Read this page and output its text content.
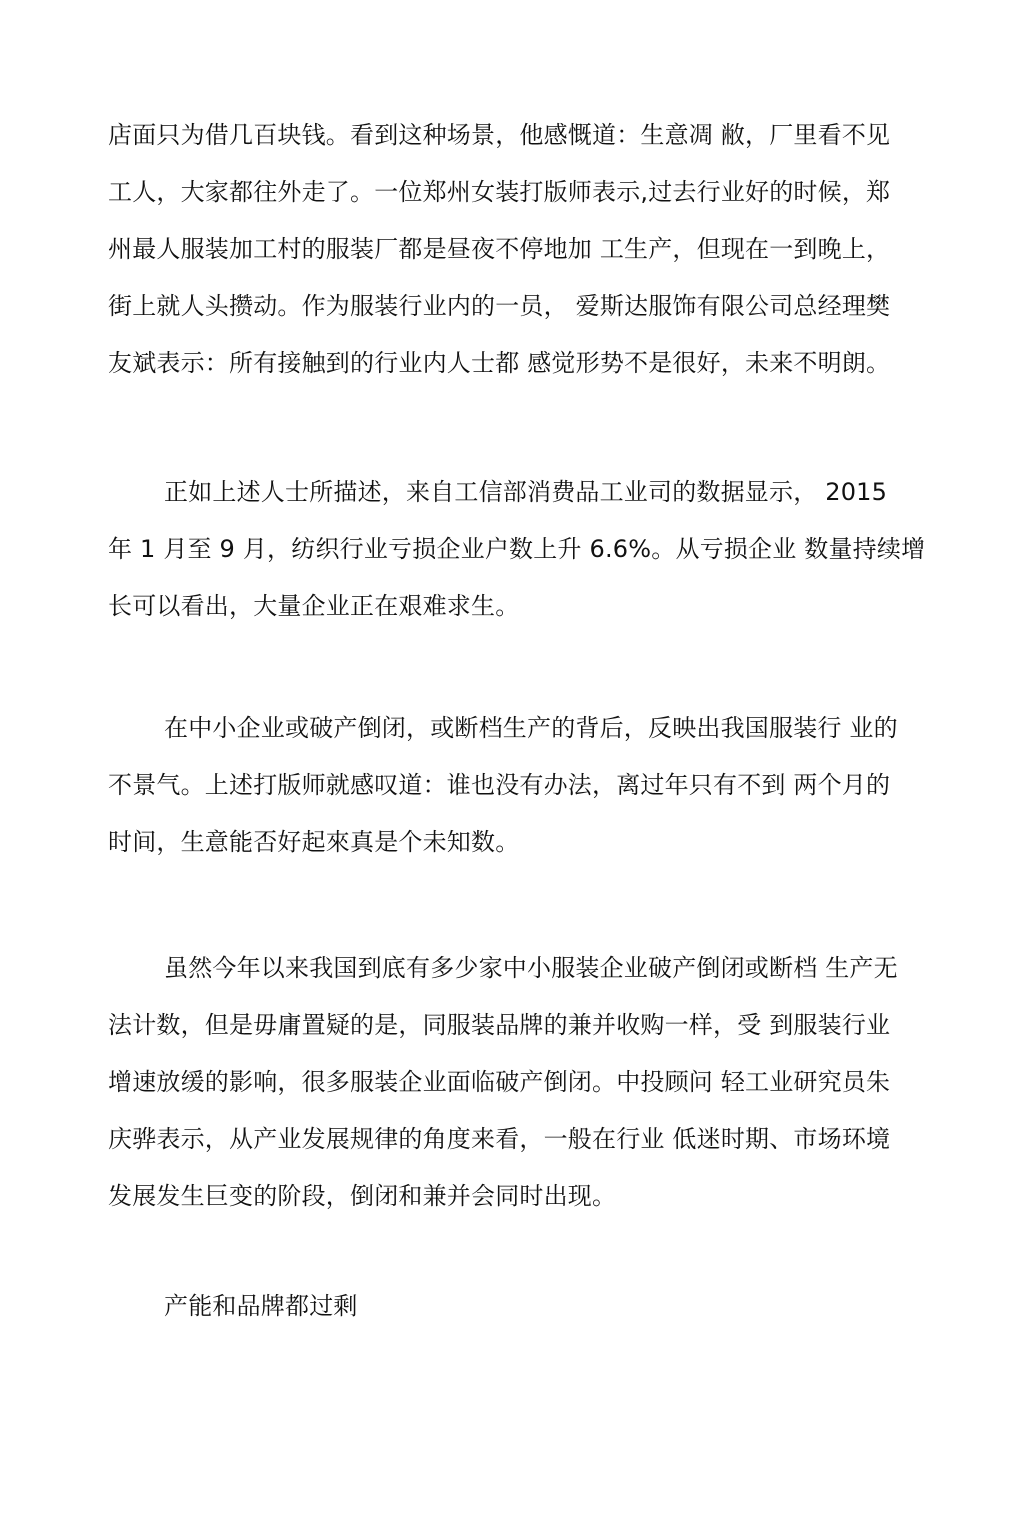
店面只为借几百块钱。看到这种场景，他感慨道：生意凋 敝，厂里看不见
工人，大家都往外走了。一位郑州女装打版师表示,过去行业好的时候，郑
州最人服装加工村的服装厂都是昼夜不停地加 工生产，但现在一到晚上，
街上就人头攒动。作为服装行业内的一员， 爱斯达服饰有限公司总经理樊
友斌表示：所有接触到的行业内人士都 感觉形势不是很好，未来不明朗。
正如上述人士所描述，来自工信部消费品工业司的数据显示， 2015
年 1 月至 9 月，纺织行业亏损企业户数上升 6.6%。从亏损企业 数量持续增
长可以看出，大量企业正在艰难求生。
在中小企业或破产倒闭，或断档生产的背后，反映出我国服装行 业的
不景气。上述打版师就感叹道：谁也没有办法，离过年只有不到 两个月的
时间，生意能否好起來真是个未知数。
虽然今年以来我国到底有多少家中小服装企业破产倒闭或断档 生产无
法计数，但是毋庸置疑的是，同服装品牌的兼并收购一样，受 到服装行业
增速放缓的影响，很多服装企业面临破产倒闭。中投顾问 轻工业研究员朱
庆骅表示，从产业发展规律的角度来看，一般在行业 低迷时期、市场环境
发展发生巨变的阶段，倒闭和兼并会同时出现。
产能和品牌都过剩
